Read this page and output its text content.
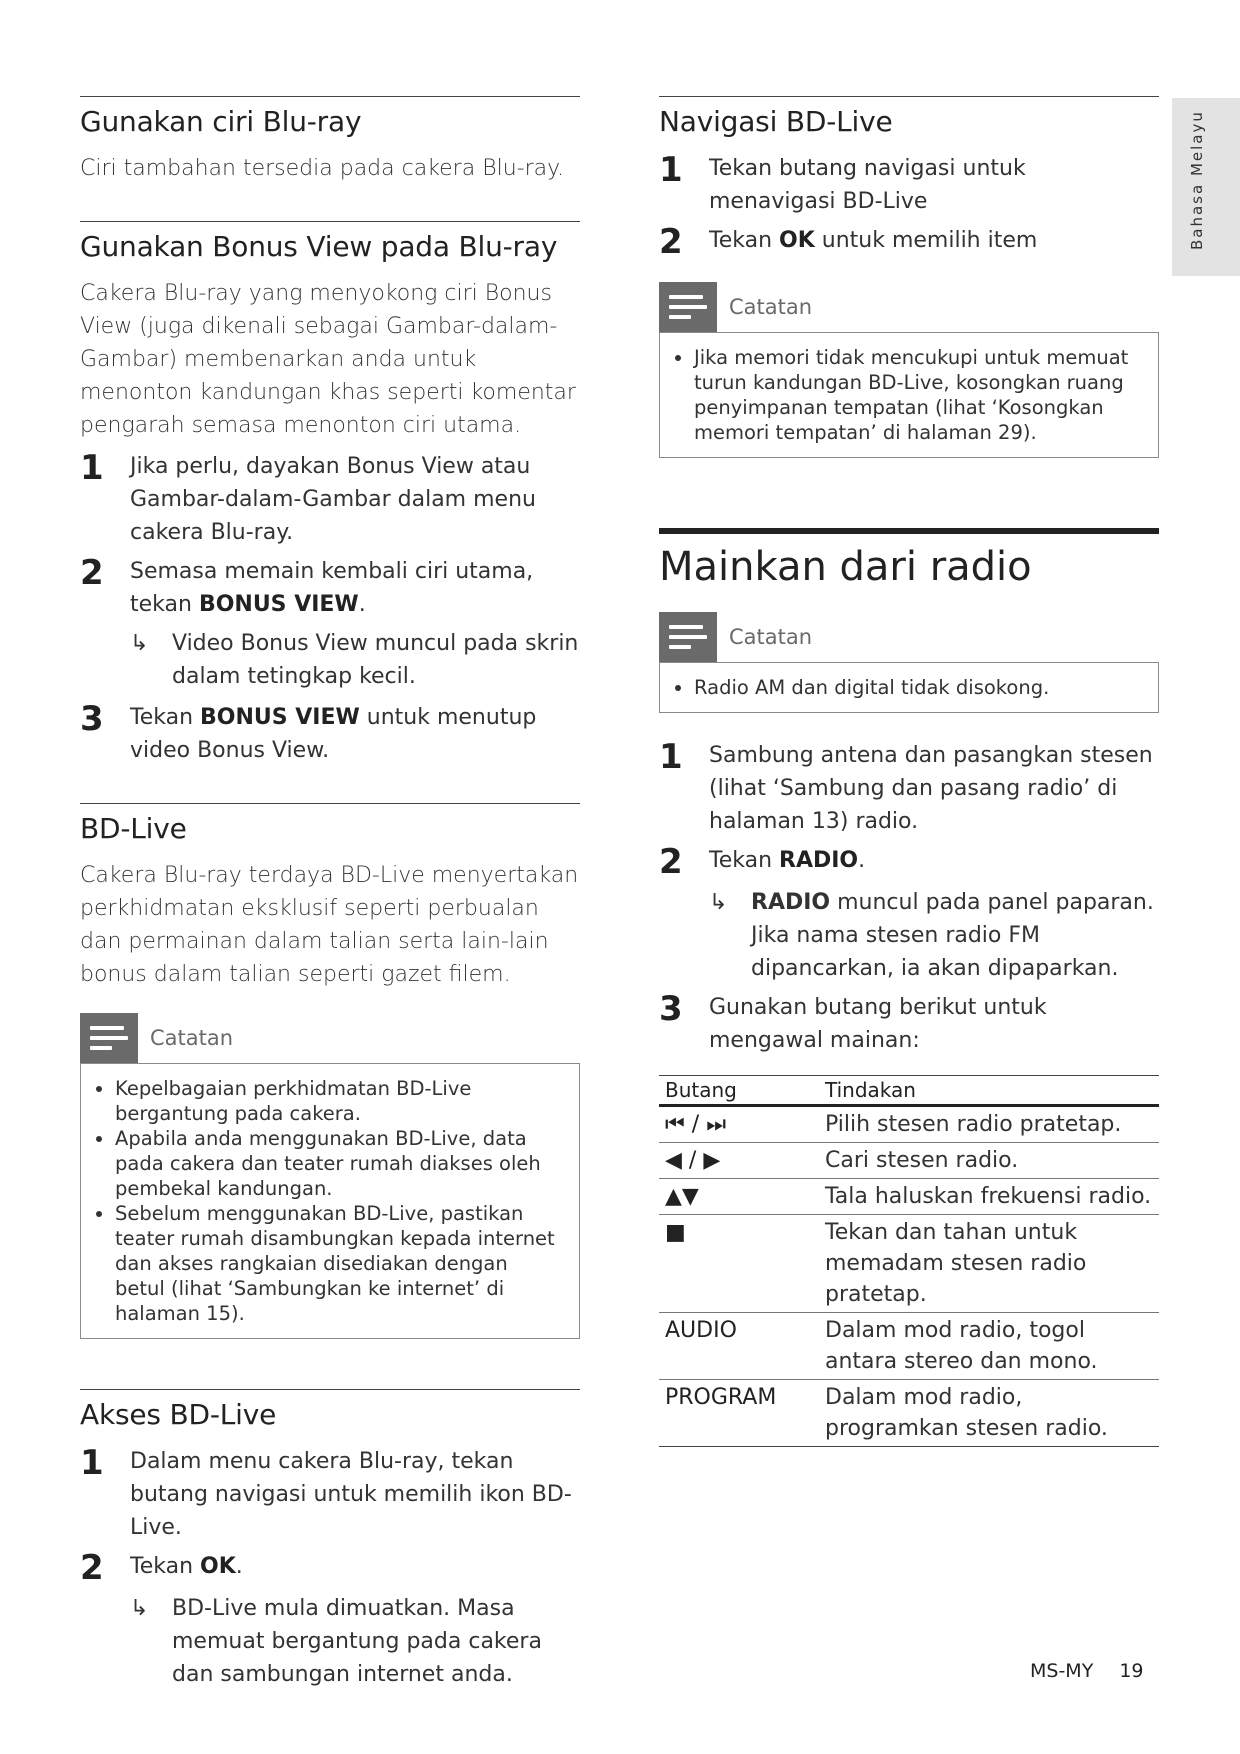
Bahasa Melayu
Gunakan ciri Blu-ray

Ciri tambahan tersedia pada cakera Blu-ray.

Gunakan Bonus View pada Blu-ray

Cakera Blu-ray yang menyokong ciri Bonus View (juga dikenali sebagai Gambar-dalam-Gambar) membenarkan anda untuk menonton kandungan khas seperti komentar pengarah semasa menonton ciri utama.

1	Jika perlu, dayakan Bonus View atau Gambar-dalam-Gambar dalam menu cakera Blu-ray.
2	Semasa memain kembali ciri utama, tekan BONUS VIEW.
↳	Video Bonus View muncul pada skrin dalam tetingkap kecil.
3	Tekan BONUS VIEW untuk menutup video Bonus View.
BD-Live

Cakera Blu-ray terdaya BD-Live menyertakan perkhidmatan eksklusif seperti perbualan dan permainan dalam talian serta lain-lain bonus dalam talian seperti gazet filem.

Catatan
• Kepelbagaian perkhidmatan BD-Live bergantung pada cakera.
• Apabila anda menggunakan BD-Live, data pada cakera dan teater rumah diakses oleh pembekal kandungan.
• Sebelum menggunakan BD-Live, pastikan teater rumah disambungkan kepada internet dan akses rangkaian disediakan dengan betul (lihat ‘Sambungkan ke internet’ di halaman 15).
Akses BD-Live
1	Dalam menu cakera Blu-ray, tekan butang navigasi untuk memilih ikon BD-Live.
2	Tekan OK.
↳	BD-Live mula dimuatkan. Masa memuat bergantung pada cakera dan sambungan internet anda.
Navigasi BD-Live
1	Tekan butang navigasi untuk menavigasi BD-Live
2	Tekan OK untuk memilih item
Catatan
• Jika memori tidak mencukupi untuk memuat turun kandungan BD-Live, kosongkan ruang penyimpanan tempatan (lihat ‘Kosongkan memori tempatan’ di halaman 29).
Mainkan dari radio
Catatan
• Radio AM dan digital tidak disokong.
1	Sambung antena dan pasangkan stesen (lihat ‘Sambung dan pasang radio’ di halaman 13) radio.
2	Tekan RADIO.
↳	RADIO muncul pada panel paparan. Jika nama stesen radio FM dipancarkan, ia akan dipaparkan.
3	Gunakan butang berikut untuk mengawal mainan:
Butang	Tindakan
⏮ / ⏭	Pilih stesen radio pratetap.
◀ / ▶	Cari stesen radio.
▲▼	Tala haluskan frekuensi radio.
■	Tekan dan tahan untuk memadam stesen radio pratetap.
AUDIO	Dalam mod radio, togol antara stereo dan mono.
PROGRAM	Dalam mod radio, programkan stesen radio.
MS-MY 19
